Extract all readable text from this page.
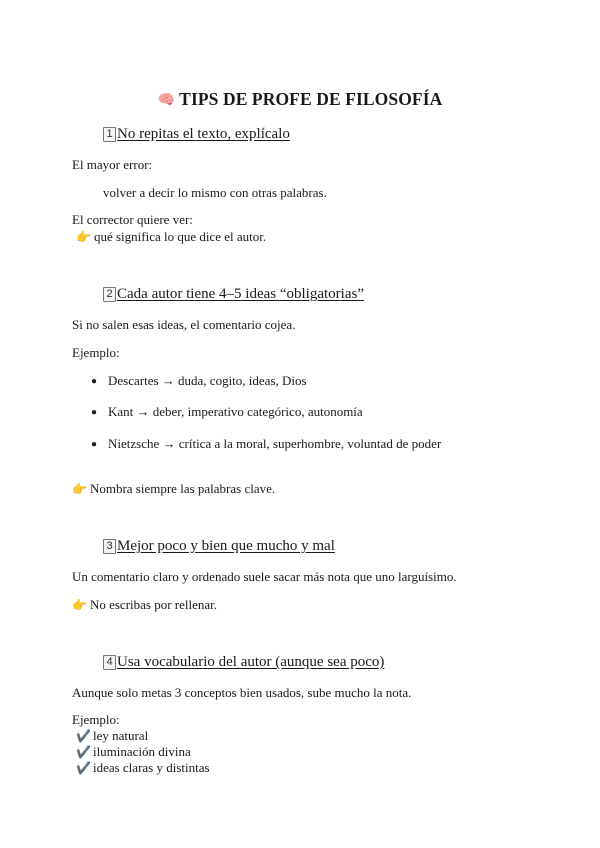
🧠 TIPS DE PROFE DE FILOSOFÍA
1 No repitas el texto, explícalo
El mayor error:
volver a decir lo mismo con otras palabras.
El corrector quiere ver:
👉 qué significa lo que dice el autor.
2 Cada autor tiene 4–5 ideas “obligatorias”
Si no salen esas ideas, el comentario cojea.
Ejemplo:
● Descartes → duda, cogito, ideas, Dios
● Kant → deber, imperativo categórico, autonomía
● Nietzsche → crítica a la moral, superhombre, voluntad de poder
👉 Nombra siempre las palabras clave.
3 Mejor poco y bien que mucho y mal
Un comentario claro y ordenado suele sacar más nota que uno larguísimo.
👉 No escribas por rellenar.
4 Usa vocabulario del autor (aunque sea poco)
Aunque solo metas 3 conceptos bien usados, sube mucho la nota.
Ejemplo:
✔️ ley natural
✔️ iluminación divina
✔️ ideas claras y distintas
